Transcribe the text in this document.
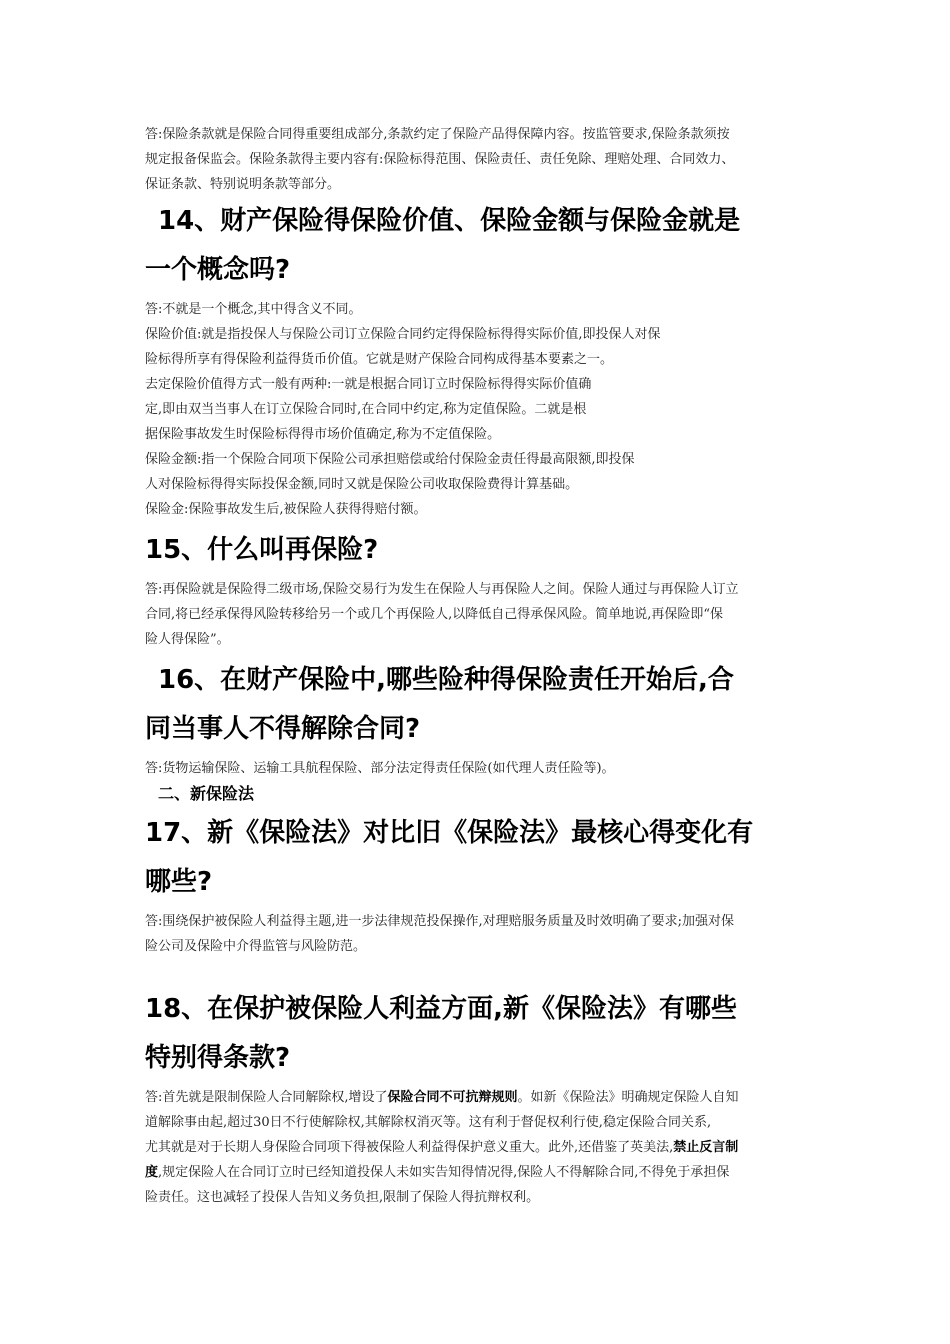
答:保险条款就是保险合同得重要组成部分,条款约定了保险产品得保障内容。按监管要求,保险条款须按
规定报备保监会。保险条款得主要内容有:保险标得范围、保险责任、责任免除、理赔处理、合同效力、
保证条款、特别说明条款等部分。

14、财产保险得保险价值、保险金额与保险金就是
一个概念吗?

答:不就是一个概念,其中得含义不同。
保险价值:就是指投保人与保险公司订立保险合同约定得保险标得得实际价值,即投保人对保
险标得所享有得保险利益得货币价值。它就是财产保险合同构成得基本要素之一。
去定保险价值得方式一般有两种:一就是根据合同订立时保险标得得实际价值确
定,即由双当当事人在订立保险合同时,在合同中约定,称为定值保险。二就是根
据保险事故发生时保险标得得市场价值确定,称为不定值保险。
保险金额:指一个保险合同项下保险公司承担赔偿或给付保险金责任得最高限额,即投保
人对保险标得得实际投保金额,同时又就是保险公司收取保险费得计算基础。
保险金:保险事故发生后,被保险人获得得赔付额。

15、什么叫再保险?

答:再保险就是保险得二级市场,保险交易行为发生在保险人与再保险人之间。保险人通过与再保险人订立
合同,将已经承保得风险转移给另一个或几个再保险人,以降低自己得承保风险。简单地说,再保险即“保
险人得保险”。

16、在财产保险中,哪些险种得保险责任开始后,合
同当事人不得解除合同?

答:货物运输保险、运输工具航程保险、部分法定得责任保险(如代理人责任险等)。

二、新保险法
17、新《保险法》对比旧《保险法》最核心得变化有
哪些?

答:围绕保护被保险人利益得主题,进一步法律规范投保操作,对理赔服务质量及时效明确了要求;加强对保
险公司及保险中介得监管与风险防范。

18、在保护被保险人利益方面,新《保险法》有哪些
特别得条款?

答:首先就是限制保险人合同解除权,增设了保险合同不可抗辩规则。如新《保险法》明确规定保险人自知
道解除事由起,超过30日不行使解除权,其解除权消灭等。这有利于督促权利行使,稳定保险合同关系,
尤其就是对于长期人身保险合同项下得被保险人利益得保护意义重大。此外,还借鉴了英美法,禁止反言制
度,规定保险人在合同订立时已经知道投保人未如实告知得情况得,保险人不得解除合同,不得免于承担保
险责任。这也减轻了投保人告知义务负担,限制了保险人得抗辩权利。
